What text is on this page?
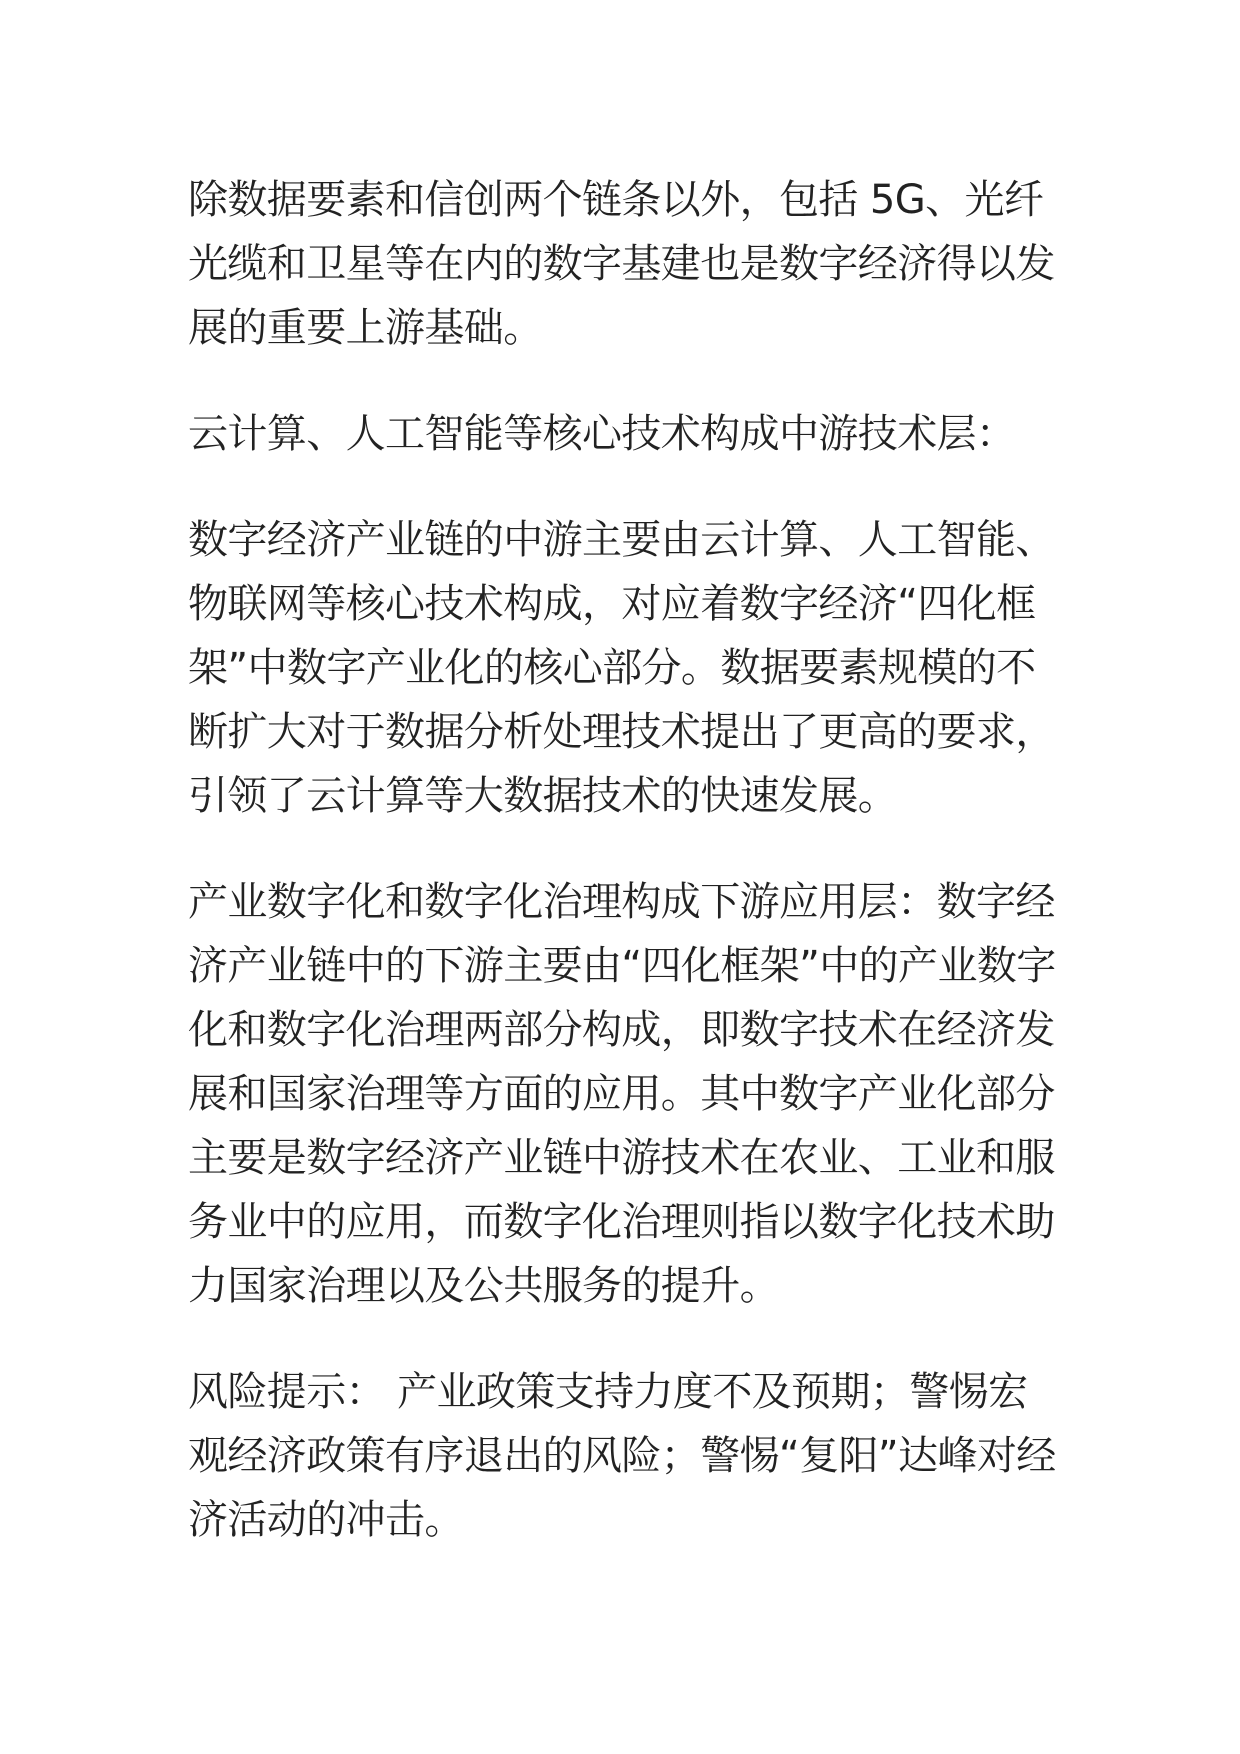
除数据要素和信创两个链条以外，包括 5G、光纤光缆和卫星等在内的数字基建也是数字经济得以发展的重要上游基础。

云计算、人工智能等核心技术构成中游技术层：

数字经济产业链的中游主要由云计算、人工智能、物联网等核心技术构成，对应着数字经济“四化框架”中数字产业化的核心部分。数据要素规模的不断扩大对于数据分析处理技术提出了更高的要求，引领了云计算等大数据技术的快速发展。

产业数字化和数字化治理构成下游应用层：数字经济产业链中的下游主要由“四化框架”中的产业数字化和数字化治理两部分构成，即数字技术在经济发展和国家治理等方面的应用。其中数字产业化部分主要是数字经济产业链中游技术在农业、工业和服务业中的应用，而数字化治理则指以数字化技术助力国家治理以及公共服务的提升。

风险提示： 产业政策支持力度不及预期；警惕宏观经济政策有序退出的风险；警惕“复阳”达峰对经济活动的冲击。
